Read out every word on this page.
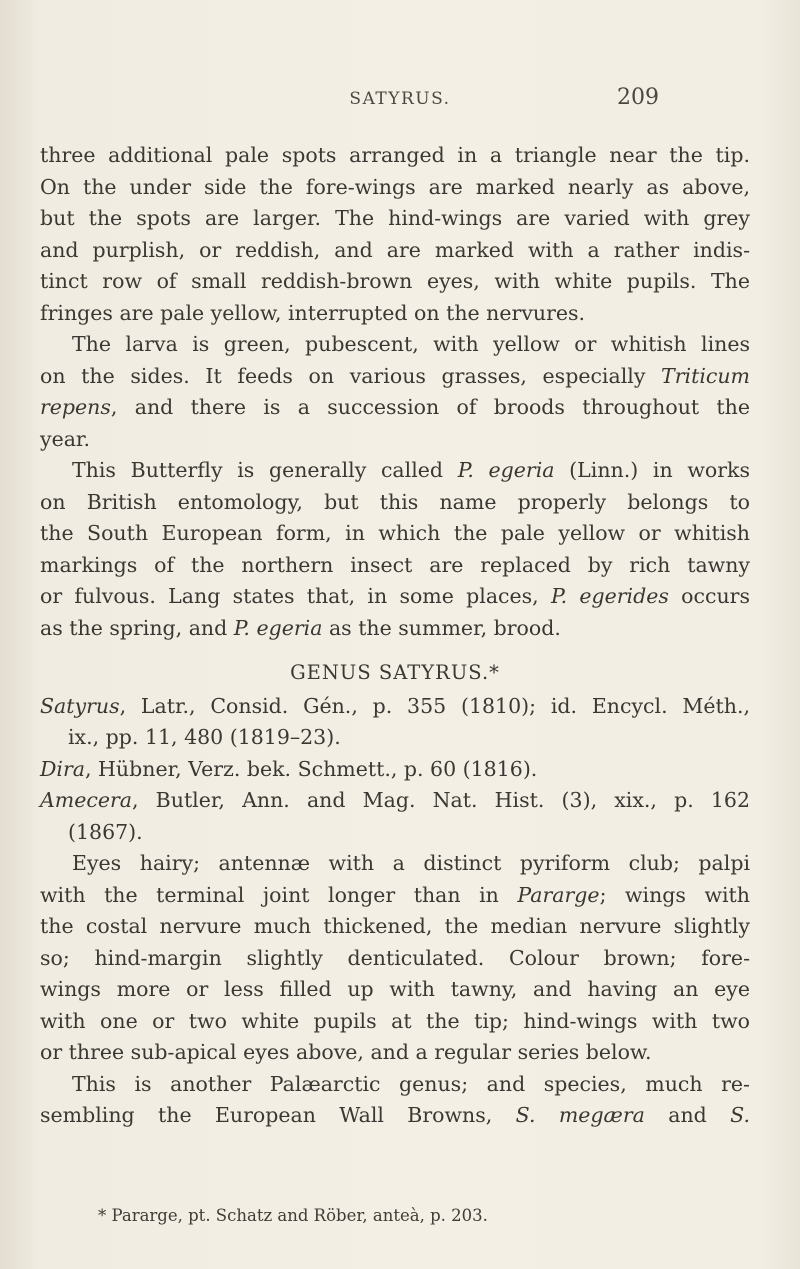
SATYRUS.	209
three additional pale spots arranged in a triangle near the tip.
On the under side the fore-wings are marked nearly as above,
but the spots are larger. The hind-wings are varied with grey
and purplish, or reddish, and are marked with a rather indis-
tinct row of small reddish-brown eyes, with white pupils. The
fringes are pale yellow, interrupted on the nervures.
The larva is green, pubescent, with yellow or whitish lines
on the sides. It feeds on various grasses, especially Triticum
repens, and there is a succession of broods throughout the
year.
This Butterfly is generally called P. egeria (Linn.) in works
on British entomology, but this name properly belongs to
the South European form, in which the pale yellow or whitish
markings of the northern insect are replaced by rich tawny
or fulvous. Lang states that, in some places, P. egerides occurs
as the spring, and P. egeria as the summer, brood.
GENUS SATYRUS.*
Satyrus, Latr., Consid. Gén., p. 355 (1810); id. Encycl. Méth.,
ix., pp. 11, 480 (1819–23).
Dira, Hübner, Verz. bek. Schmett., p. 60 (1816).
Amecera, Butler, Ann. and Mag. Nat. Hist. (3), xix., p. 162
(1867).
Eyes hairy; antennæ with a distinct pyriform club; palpi
with the terminal joint longer than in Pararge; wings with
the costal nervure much thickened, the median nervure slightly
so; hind-margin slightly denticulated. Colour brown; fore-
wings more or less filled up with tawny, and having an eye
with one or two white pupils at the tip; hind-wings with two
or three sub-apical eyes above, and a regular series below.
This is another Palæarctic genus; and species, much re-
sembling the European Wall Browns, S. megæra and S.
* Pararge, pt. Schatz and Röber, anteà, p. 203.
